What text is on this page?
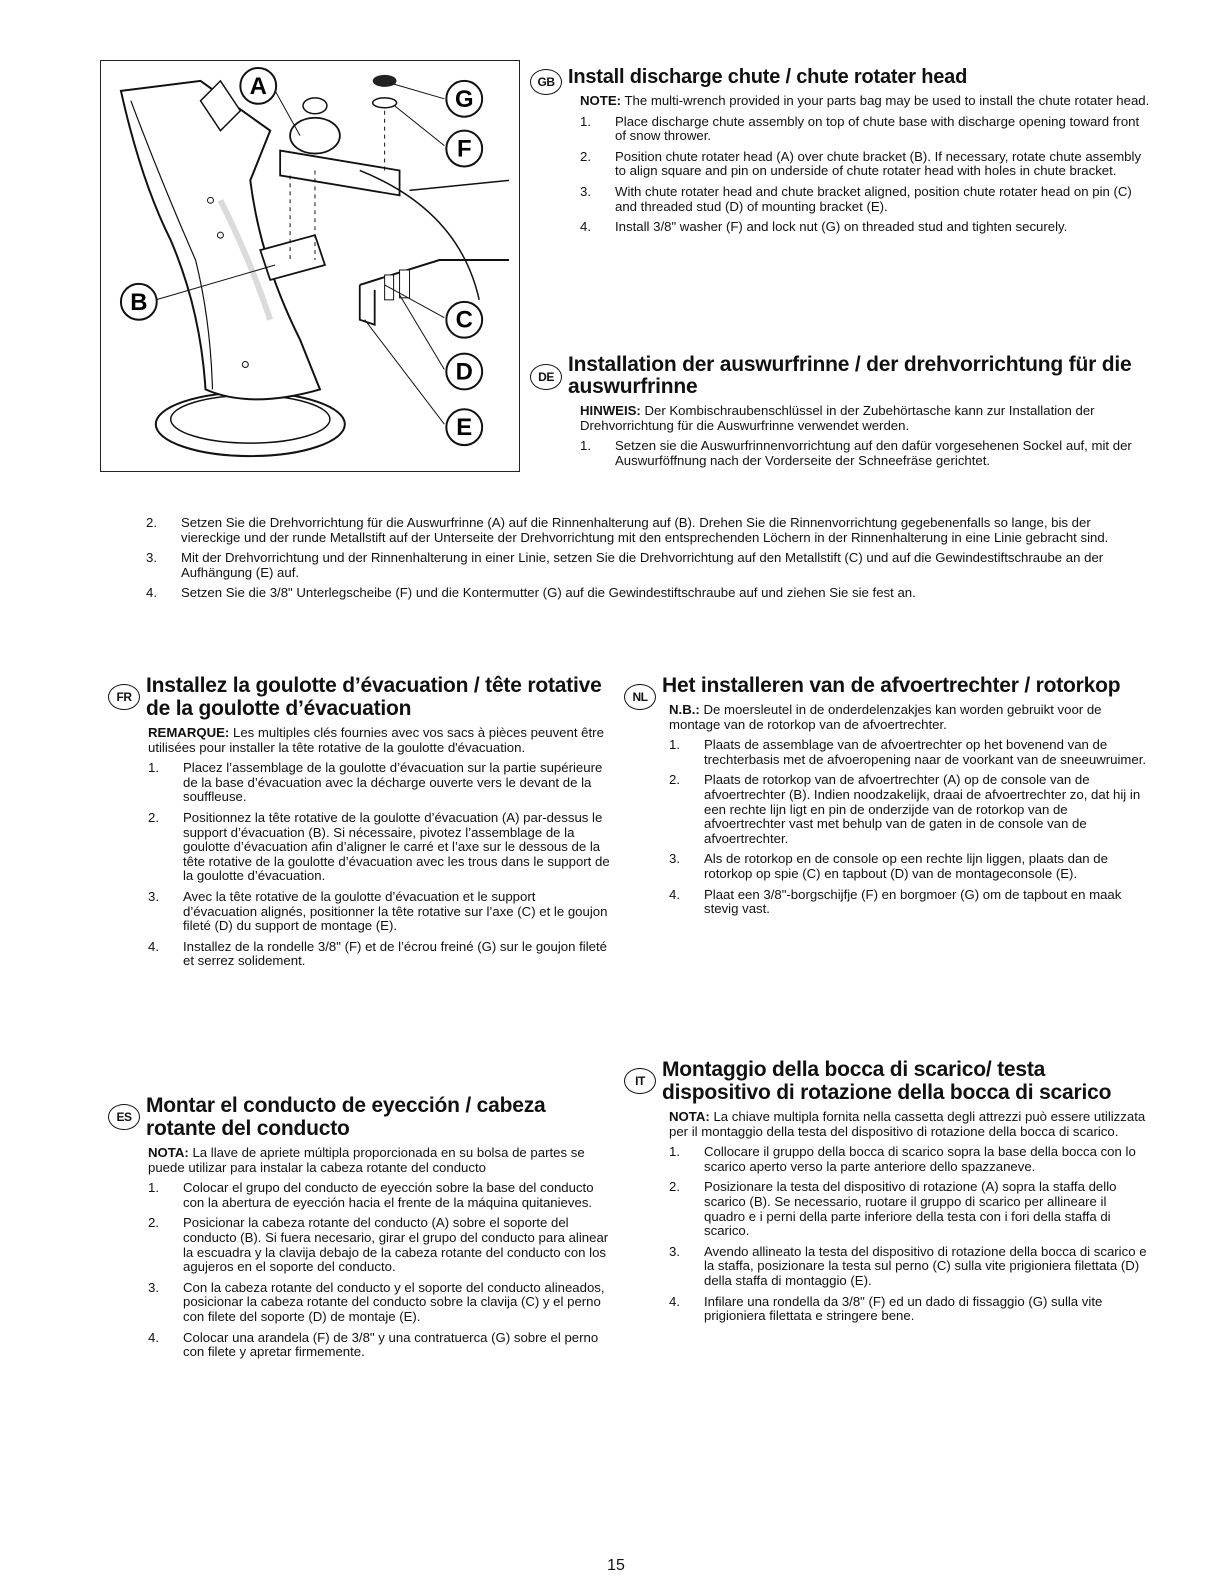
A	G
F
B
C
D
E
GB Install discharge chute / chute rotater head

NOTE: The multi-wrench provided in your parts bag may be used to install the chute rotater head.

1. Place discharge chute assembly on top of chute base with discharge opening toward front of snow thrower.
2. Position chute rotater head (A) over chute bracket (B). If necessary, rotate chute assembly to align square and pin on underside of chute rotater head with holes in chute bracket.
3. With chute rotater head and chute bracket aligned, position chute rotater head on pin (C) and threaded stud (D) of mounting bracket (E).
4. Install 3/8" washer (F) and lock nut (G) on threaded stud and tighten securely.
DE
Installation der auswurfrinne / der drehvorrichtung für die auswurfrinne

HINWEIS: Der Kombischraubenschlüssel in der Zubehörtasche kann zur Installation der Drehvorrichtung für die Auswurfrinne verwendet werden.

1. Setzen sie die Auswurfrinnenvorrichtung auf den dafür vorgesehenen Sockel auf, mit der Auswurföffnung nach der Vorderseite der Schneefräse gerichtet.
2. Setzen Sie die Drehvorrichtung für die Auswurfrinne (A) auf die Rinnenhalterung auf (B). Drehen Sie die Rinnenvorrichtung gegebenenfalls so lange, bis der viereckige und der runde Metallstift auf der Unterseite der Drehvorrichtung mit den entsprechenden Löchern in der Rinnenhalterung in eine Linie gebracht sind.
3. Mit der Drehvorrichtung und der Rinnenhalterung in einer Linie, setzen Sie die Drehvorrichtung auf den Metallstift (C) und auf die Gewindestiftschraube an der Aufhängung (E) auf.
4. Setzen Sie die 3/8" Unterlegscheibe (F) und die Kontermutter (G) auf die Gewindestiftschraube auf und ziehen Sie sie fest an.
FR Installez la goulotte d’évacuation / tête rotative de la goulotte d’évacuation

REMARQUE: Les multiples clés fournies avec vos sacs à pièces peuvent être utilisées pour installer la tête rotative de la goulotte d'évacuation.

1. Placez l’assemblage de la goulotte d’évacuation sur la partie supérieure de la base d’évacuation avec la décharge ouverte vers le devant de la souffleuse.
2. Positionnez la tête rotative de la goulotte d’évacuation (A) par-dessus le support d’évacuation (B). Si nécessaire, pivotez l’assemblage de la goulotte d’évacuation afin d’aligner le carré et l’axe sur le dessous de la tête rotative de la goulotte d’évacuation avec les trous dans le support de la goulotte d’évacuation.
3. Avec la tête rotative de la goulotte d’évacuation et le support d’évacuation alignés, positionner la tête rotative sur l’axe (C) et le goujon fileté (D) du support de montage (E).
4. Installez de la rondelle 3/8" (F) et de l’écrou freiné (G) sur le goujon fileté et serrez solidement.
ES Montar el conducto de eyección / cabeza rotante del conducto

NOTA: La llave de apriete múltipla proporcionada en su bolsa de partes se puede utilizar para instalar la cabeza rotante del conducto

1. Colocar el grupo del conducto de eyección sobre la base del conducto con la abertura de eyección hacia el frente de la máquina quitanieves.
2. Posicionar la cabeza rotante del conducto (A) sobre el soporte del conducto (B). Si fuera necesario, girar el grupo del conducto para alinear la escuadra y la clavija debajo de la cabeza rotante del conducto con los agujeros en el soporte del conducto.
3. Con la cabeza rotante del conducto y el soporte del conducto alineados, posicionar la cabeza rotante del conducto sobre la clavija (C) y el perno con filete del soporte (D) de montaje (E).
4. Colocar una arandela (F) de 3/8" y una contratuerca (G) sobre el perno con filete y apretar firmemente.
NL Het installeren van de afvoertrechter / rotorkop

N.B.: De moersleutel in de onderdelenzakjes kan worden gebruikt voor de montage van de rotorkop van de afvoertrechter.

1. Plaats de assemblage van de afvoertrechter op het bovenend van de trechterbasis met de afvoeropening naar de voorkant van de sneeuwruimer.
2. Plaats de rotorkop van de afvoertrechter (A) op de console van de afvoertrechter (B). Indien noodzakelijk, draai de afvoertrechter zo, dat hij in een rechte lijn ligt en pin de onderzijde van de rotorkop van de afvoertrechter vast met behulp van de gaten in de console van de afvoertrechter.
3. Als de rotorkop en de console op een rechte lijn liggen, plaats dan de rotorkop op spie (C) en tapbout (D) van de montageconsole (E).
4. Plaat een 3/8"-borgschijfje (F) en borgmoer (G) om de tapbout en maak stevig vast.
IT Montaggio della bocca di scarico/ testa dispositivo di rotazione della bocca di scarico

NOTA: La chiave multipla fornita nella cassetta degli attrezzi può essere utilizzata per il montaggio della testa del dispositivo di rotazione della bocca di scarico.

1. Collocare il gruppo della bocca di scarico sopra la base della bocca con lo scarico aperto verso la parte anteriore dello spazzaneve.
2. Posizionare la testa del dispositivo di rotazione (A) sopra la staffa dello scarico (B). Se necessario, ruotare il gruppo di scarico per allineare il quadro e i perni della parte inferiore della testa con i fori della staffa di scarico.
3. Avendo allineato la testa del dispositivo di rotazione della bocca di scarico e la staffa, posizionare la testa sul perno (C) sulla vite prigioniera filettata (D) della staffa di montaggio (E).
4. Infilare una rondella da 3/8" (F) ed un dado di fissaggio (G) sulla vite prigioniera filettata e stringere bene.
15
